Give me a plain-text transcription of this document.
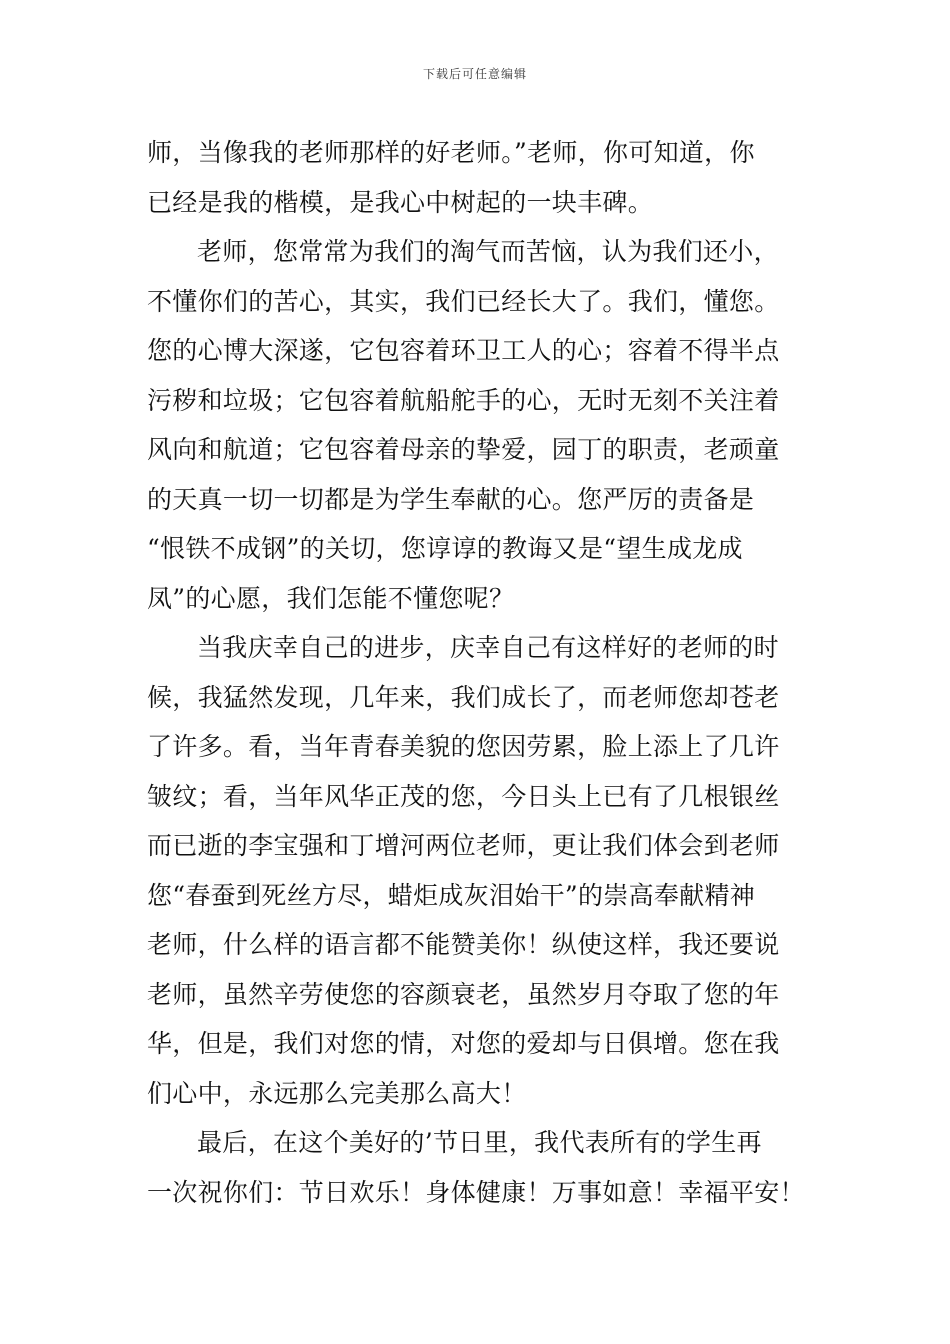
下载后可任意编辑
师，当像我的老师那样的好老师。”老师，你可知道，你
已经是我的楷模，是我心中树起的一块丰碑。
老师，您常常为我们的淘气而苦恼，认为我们还小，
不懂你们的苦心，其实，我们已经长大了。我们，懂您。
您的心博大深遂，它包容着环卫工人的心；容着不得半点
污秽和垃圾；它包容着航船舵手的心，无时无刻不关注着
风向和航道；它包容着母亲的挚爱，园丁的职责，老顽童
的天真一切一切都是为学生奉献的心。您严厉的责备是
“恨铁不成钢”的关切，您谆谆的教诲又是“望生成龙成
凤”的心愿，我们怎能不懂您呢？
当我庆幸自己的进步，庆幸自己有这样好的老师的时
候，我猛然发现，几年来，我们成长了，而老师您却苍老
了许多。看，当年青春美貌的您因劳累，脸上添上了几许
皱纹；看，当年风华正茂的您，今日头上已有了几根银丝
而已逝的李宝强和丁增河两位老师，更让我们体会到老师
您“春蚕到死丝方尽，蜡炬成灰泪始干”的崇高奉献精神
老师，什么样的语言都不能赞美你！纵使这样，我还要说
老师，虽然辛劳使您的容颜衰老，虽然岁月夺取了您的年
华，但是，我们对您的情，对您的爱却与日俱增。您在我
们心中，永远那么完美那么高大！
最后，在这个美好的’节日里，我代表所有的学生再
一次祝你们：节日欢乐！身体健康！万事如意！幸福平安！
